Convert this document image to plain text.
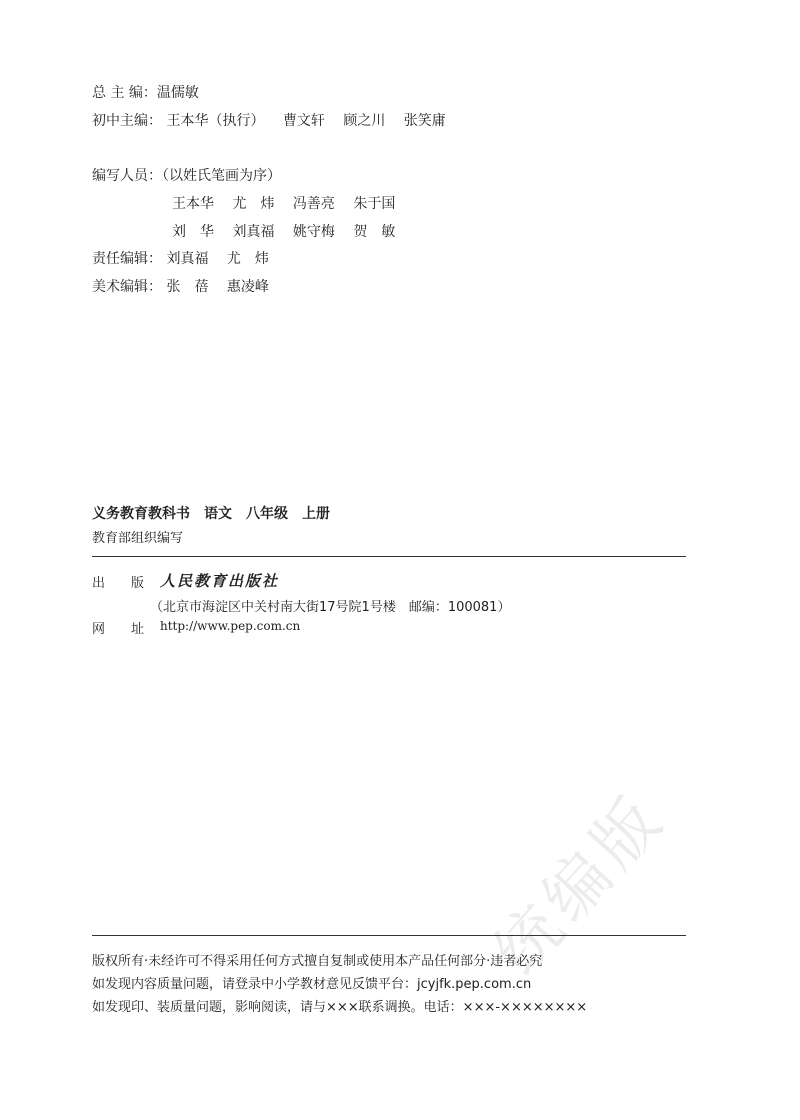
总 主 编：温儒敏
初中主编： 王本华（执行） 曹文轩 顾之川 张笑庸
编写人员：（以姓氏笔画为序）
王本华 尤　炜 冯善亮 朱于国
刘　华 刘真福 姚守梅 贺　敏
责任编辑： 刘真福 尤　炜
美术编辑： 张　蓓 惠凌峰
义务教育教科书　语文　八年级　上册
教育部组织编写
出　　版 人民教育出版社
（北京市海淀区中关村南大街17号院1号楼　邮编：100081）
网　　址 http://www.pep.com.cn
统编版
版权所有·未经许可不得采用任何方式擅自复制或使用本产品任何部分·违者必究
如发现内容质量问题，请登录中小学教材意见反馈平台：jcyjfk.pep.com.cn
如发现印、装质量问题，影响阅读，请与×××联系调换。电话：×××-××××××××
